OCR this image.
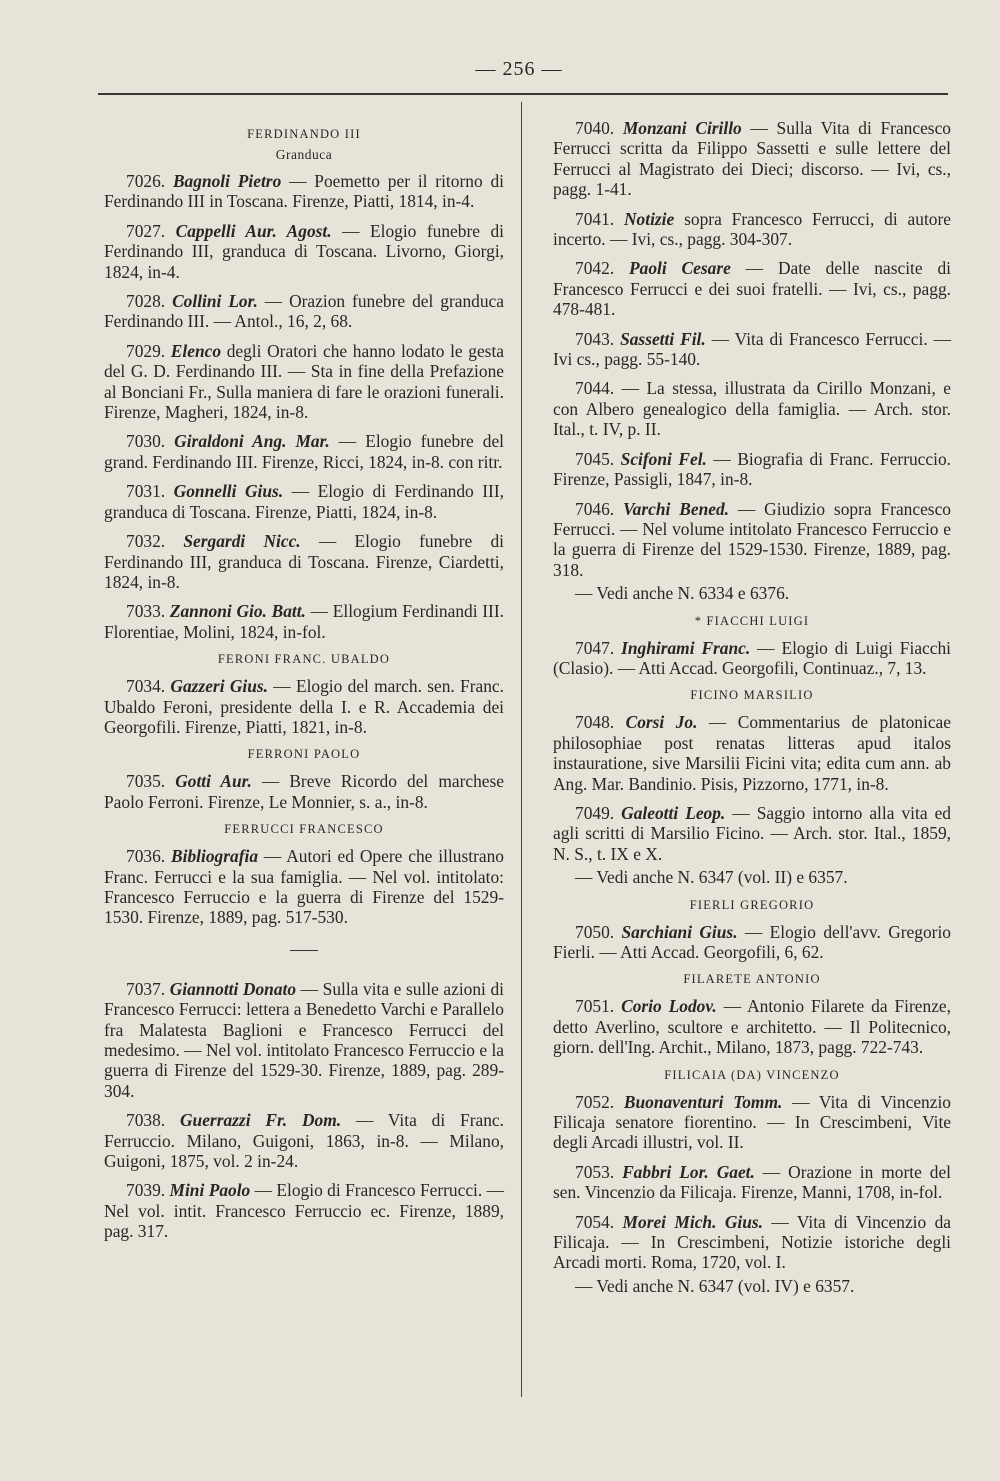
— 256 —
FERDINANDO III
Granduca
7026. Bagnoli Pietro — Poemetto per il ritorno di Ferdinando III in Toscana. Firenze, Piatti, 1814, in-4.
7027. Cappelli Aur. Agost. — Elogio funebre di Ferdinando III, granduca di Toscana. Livorno, Giorgi, 1824, in-4.
7028. Collini Lor. — Orazion funebre del granduca Ferdinando III. — Antol., 16, 2, 68.
7029. Elenco degli Oratori che hanno lodato le gesta del G. D. Ferdinando III. — Sta in fine della Prefazione al Bonciani Fr., Sulla maniera di fare le orazioni funerali. Firenze, Magheri, 1824, in-8.
7030. Giraldoni Ang. Mar. — Elogio funebre del grand. Ferdinando III. Firenze, Ricci, 1824, in-8. con ritr.
7031. Gonnelli Gius. — Elogio di Ferdinando III, granduca di Toscana. Firenze, Piatti, 1824, in-8.
7032. Sergardi Nicc. — Elogio funebre di Ferdinando III, granduca di Toscana. Firenze, Ciardetti, 1824, in-8.
7033. Zannoni Gio. Batt. — Ellogium Ferdinandi III. Florentiae, Molini, 1824, in-fol.
FERONI FRANC. UBALDO
7034. Gazzeri Gius. — Elogio del march. sen. Franc. Ubaldo Feroni, presidente della I. e R. Accademia dei Georgofili. Firenze, Piatti, 1821, in-8.
FERRONI PAOLO
7035. Gotti Aur. — Breve Ricordo del marchese Paolo Ferroni. Firenze, Le Monnier, s. a., in-8.
FERRUCCI FRANCESCO
7036. Bibliografia — Autori ed Opere che illustrano Franc. Ferrucci e la sua famiglia. — Nel vol. intitolato: Francesco Ferruccio e la guerra di Firenze del 1529-1530. Firenze, 1889, pag. 517-530.
7037. Giannotti Donato — Sulla vita e sulle azioni di Francesco Ferrucci: lettera a Benedetto Varchi e Parallelo fra Malatesta Baglioni e Francesco Ferrucci del medesimo. — Nel vol. intitolato Francesco Ferruccio e la guerra di Firenze del 1529-30. Firenze, 1889, pag. 289-304.
7038. Guerrazzi Fr. Dom. — Vita di Franc. Ferruccio. Milano, Guigoni, 1863, in-8. — Milano, Guigoni, 1875, vol. 2 in-24.
7039. Mini Paolo — Elogio di Francesco Ferrucci. — Nel vol. intit. Francesco Ferruccio ec. Firenze, 1889, pag. 317.
7040. Monzani Cirillo — Sulla Vita di Francesco Ferrucci scritta da Filippo Sassetti e sulle lettere del Ferrucci al Magistrato dei Dieci; discorso. — Ivi, cs., pagg. 1-41.
7041. Notizie sopra Francesco Ferrucci, di autore incerto. — Ivi, cs., pagg. 304-307.
7042. Paoli Cesare — Date delle nascite di Francesco Ferrucci e dei suoi fratelli. — Ivi, cs., pagg. 478-481.
7043. Sassetti Fil. — Vita di Francesco Ferrucci. — Ivi cs., pagg. 55-140.
7044. — La stessa, illustrata da Cirillo Monzani, e con Albero genealogico della famiglia. — Arch. stor. Ital., t. IV, p. II.
7045. Scifoni Fel. — Biografia di Franc. Ferruccio. Firenze, Passigli, 1847, in-8.
7046. Varchi Bened. — Giudizio sopra Francesco Ferrucci. — Nel volume intitolato Francesco Ferruccio e la guerra di Firenze del 1529-1530. Firenze, 1889, pag. 318.
— Vedi anche N. 6334 e 6376.
* FIACCHI LUIGI
7047. Inghirami Franc. — Elogio di Luigi Fiacchi (Clasio). — Atti Accad. Georgofili, Continuaz., 7, 13.
FICINO MARSILIO
7048. Corsi Jo. — Commentarius de platonicae philosophiae post renatas litteras apud italos instaurationе, sive Marsilii Ficini vita; edita cum ann. ab Ang. Mar. Bandinio. Pisis, Pizzorno, 1771, in-8.
7049. Galeotti Leop. — Saggio intorno alla vita ed agli scritti di Marsilio Ficino. — Arch. stor. Ital., 1859, N. S., t. IX e X.
— Vedi anche N. 6347 (vol. II) e 6357.
FIERLI GREGORIO
7050. Sarchiani Gius. — Elogio dell'avv. Gregorio Fierli. — Atti Accad. Georgofili, 6, 62.
FILARETE ANTONIO
7051. Corio Lodov. — Antonio Filarete da Firenze, detto Averlino, scultore e architetto. — Il Politecnico, giorn. dell'Ing. Archit., Milano, 1873, pagg. 722-743.
FILICAIA (DA) VINCENZO
7052. Buonaventuri Tomm. — Vita di Vincenzio Filicaja senatore fiorentino. — In Crescimbeni, Vite degli Arcadi illustri, vol. II.
7053. Fabbri Lor. Gaet. — Orazione in morte del sen. Vincenzio da Filicaja. Firenze, Manni, 1708, in-fol.
7054. Morei Mich. Gius. — Vita di Vincenzio da Filicaja. — In Crescimbeni, Notizie istoriche degli Arcadi morti. Roma, 1720, vol. I.
— Vedi anche N. 6347 (vol. IV) e 6357.
